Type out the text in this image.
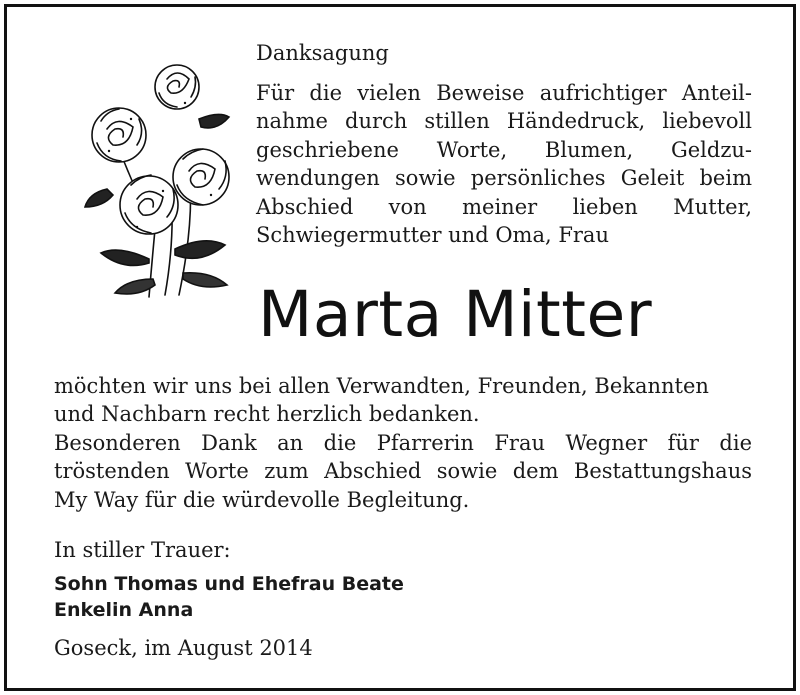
Danksagung
Für die vielen Beweise aufrichtiger Anteil-
nahme durch stillen Händedruck, liebevoll
geschriebene Worte, Blumen, Geldzu-
wendungen sowie persönliches Geleit beim
Abschied von meiner lieben Mutter,
Schwiegermutter und Oma, Frau
Marta Mitter
möchten wir uns bei allen Verwandten, Freunden, Bekannten
und Nachbarn recht herzlich bedanken.
Besonderen Dank an die Pfarrerin Frau Wegner für die
tröstenden Worte zum Abschied sowie dem Bestattungshaus
My Way für die würdevolle Begleitung.
In stiller Trauer:
Sohn Thomas und Ehefrau Beate
Enkelin Anna
Goseck, im August 2014
